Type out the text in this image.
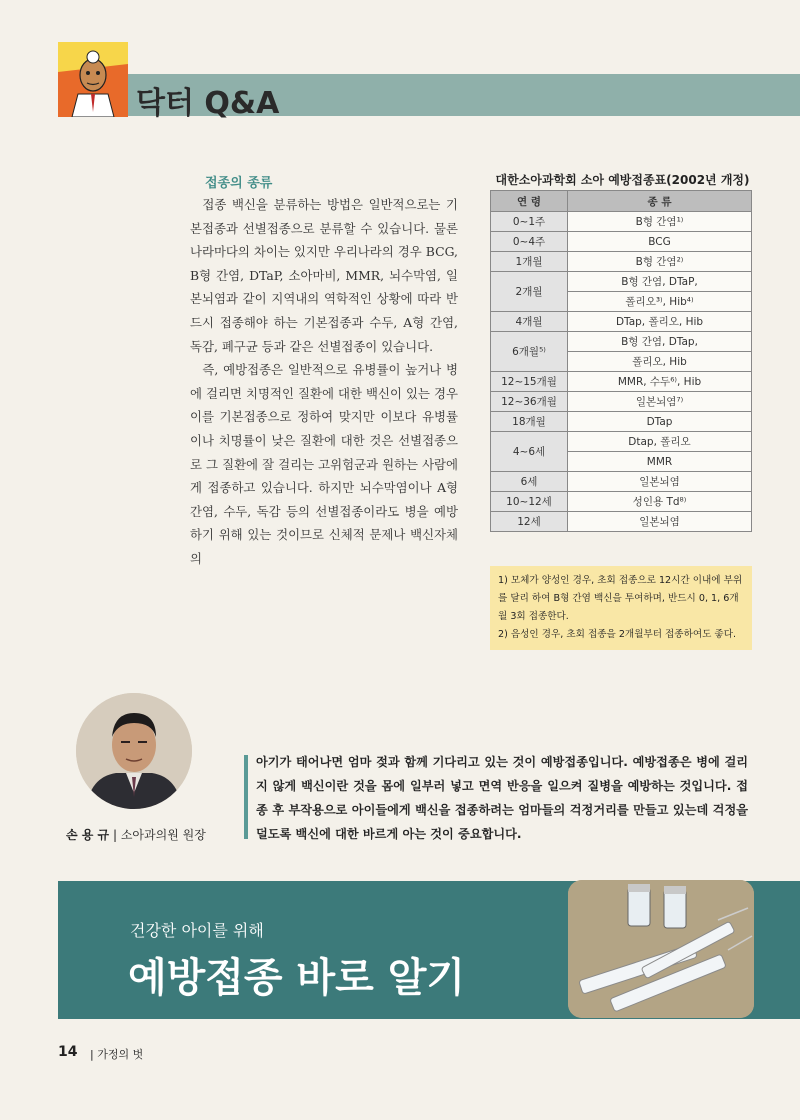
닥터 Q&A
접종의 종류

접종 백신을 분류하는 방법은 일반적으로는 기본접종과 선별접종으로 분류할 수 있습니다. 물론 나라마다의 차이는 있지만 우리나라의 경우 BCG, B형 간염, DTaP, 소아마비, MMR, 뇌수막염, 일본뇌염과 같이 지역내의 역학적인 상황에 따라 반드시 접종해야 하는 기본접종과 수두, A형 간염, 독감, 폐구균 등과 같은 선별접종이 있습니다.

즉, 예방접종은 일반적으로 유병률이 높거나 병에 걸리면 치명적인 질환에 대한 백신이 있는 경우 이를 기본접종으로 정하여 맞지만 이보다 유병률이나 치명률이 낮은 질환에 대한 것은 선별접종으로 그 질환에 잘 걸리는 고위험군과 원하는 사람에게 접종하고 있습니다. 하지만 뇌수막염이나 A형 간염, 수두, 독감 등의 선별접종이라도 병을 예방하기 위해 있는 것이므로 신체적 문제나 백신자체의

대한소아과학회 소아 예방접종표(2002년 개정)
연 령	종 류
0~1주	B형 간염¹⁾
0~4주	BCG
1개월	B형 간염²⁾
2개월	B형 간염, DTaP,
	폴리오³⁾, Hib⁴⁾
4개월	DTap, 폴리오, Hib
6개월⁵⁾	B형 간염, DTap,
	폴리오, Hib
12~15개월	MMR, 수두⁶⁾, Hib
12~36개월	일본뇌염⁷⁾
18개월	DTap
4~6세	Dtap, 폴리오
	MMR
6세	일본뇌염
10~12세	성인용 Td⁸⁾
12세	일본뇌염

1) 모체가 양성인 경우, 초회 접종으로 12시간 이내에 부위를 달리 하여 B형 간염 백신을 투여하며, 반드시 0, 1, 6개월 3회 접종한다.

2) 음성인 경우, 초회 접종을 2개월부터 접종하여도 좋다.

손 용 규 | 소아과의원 원장
아기가 태어나면 엄마 젖과 함께 기다리고 있는 것이 예방접종입니다. 예방접종은 병에 걸리지 않게 백신이란 것을 몸에 일부러 넣고 면역 반응을 일으켜 질병을 예방하는 것입니다. 접종 후 부작용으로 아이들에게 백신을 접종하려는 엄마들의 걱정거리를 만들고 있는데 걱정을 덜도록 백신에 대한 바르게 아는 것이 중요합니다.
건강한 아이를 위해
예방접종 바로 알기
14 | 가정의 벗
